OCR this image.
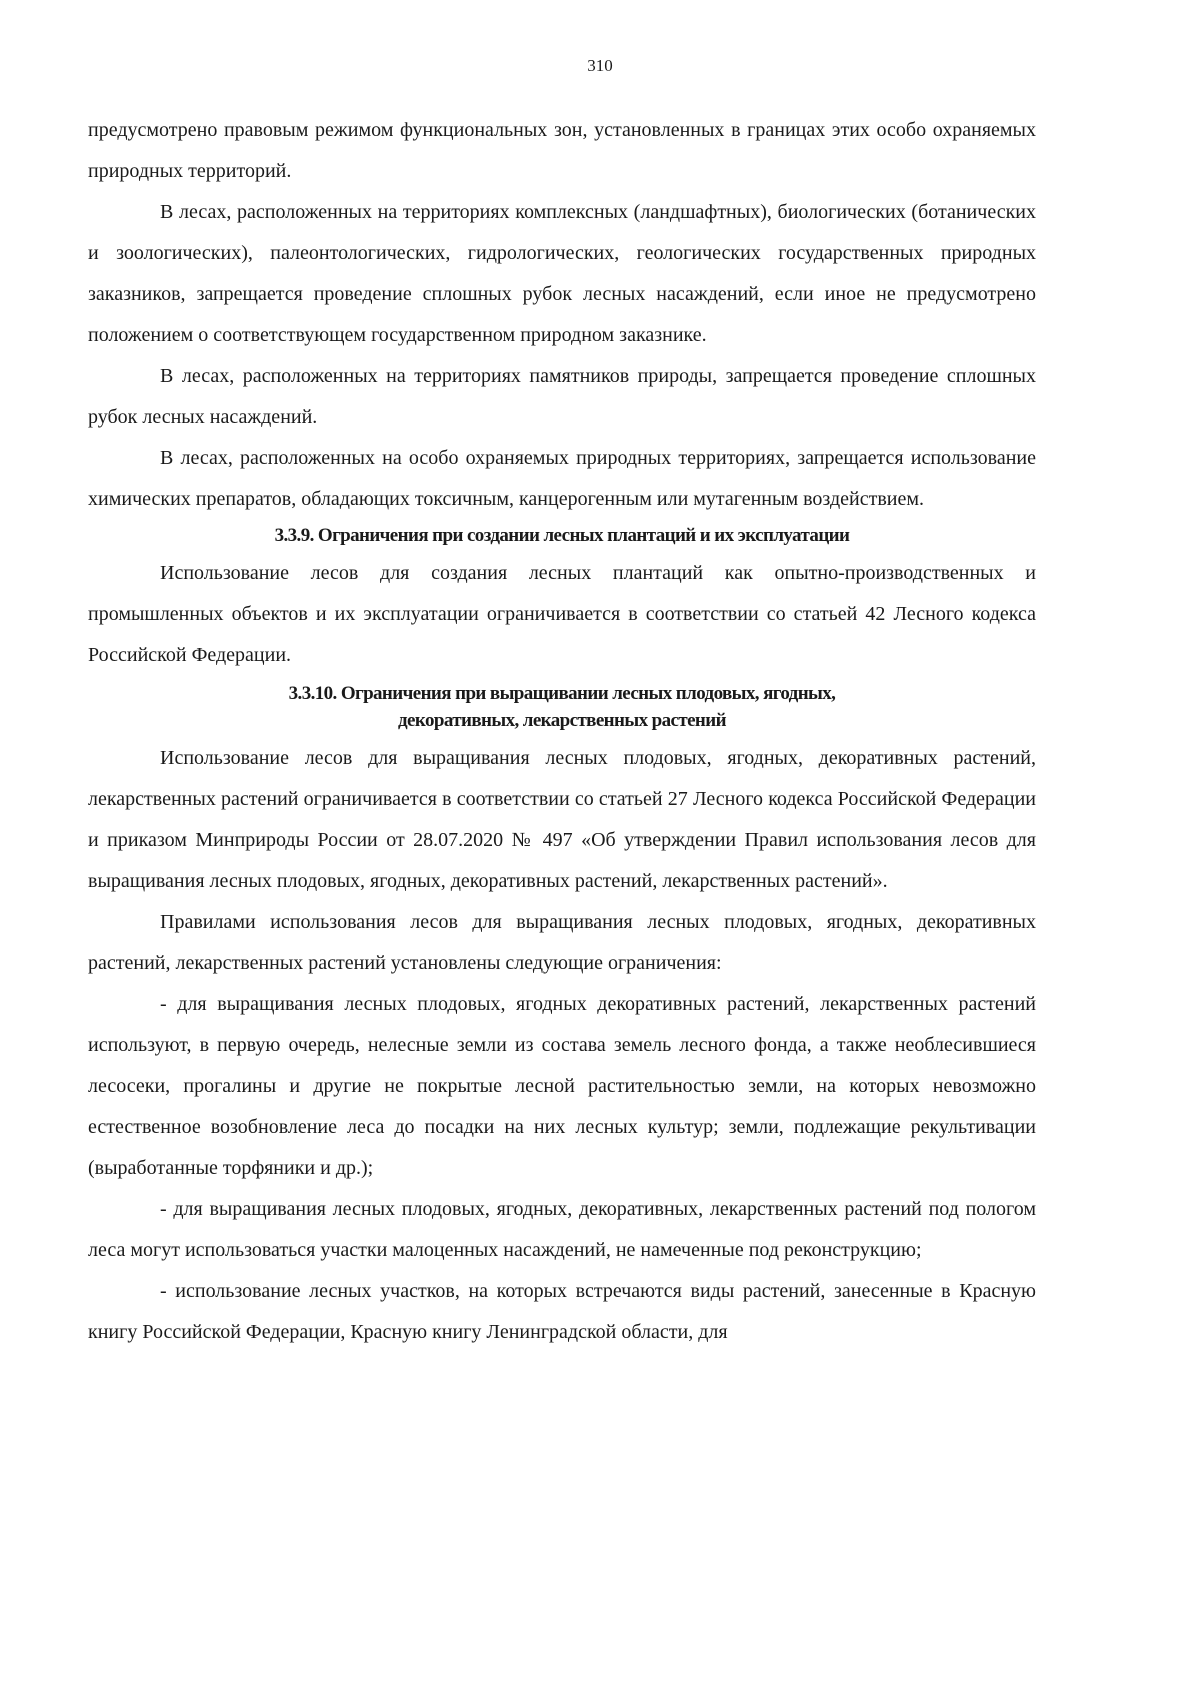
310

предусмотрено правовым режимом функциональных зон, установленных в границах этих особо охраняемых природных территорий.

В лесах, расположенных на территориях комплексных (ландшафтных), биологических (ботанических и зоологических), палеонтологических, гидрологических, геологических государственных природных заказников, запрещается проведение сплошных рубок лесных насаждений, если иное не предусмотрено положением о соответствующем государственном природном заказнике.

В лесах, расположенных на территориях памятников природы, запрещается проведение сплошных рубок лесных насаждений.

В лесах, расположенных на особо охраняемых природных территориях, запрещается использование химических препаратов, обладающих токсичным, канцерогенным или мутагенным воздействием.

3.3.9. Ограничения при создании лесных плантаций и их эксплуатации

Использование лесов для создания лесных плантаций как опытно-производственных и промышленных объектов и их эксплуатации ограничивается в соответствии со статьей 42 Лесного кодекса Российской Федерации.

3.3.10. Ограничения при выращивании лесных плодовых, ягодных,
декоративных, лекарственных растений

Использование лесов для выращивания лесных плодовых, ягодных, декоративных растений, лекарственных растений ограничивается в соответствии со статьей 27 Лесного кодекса Российской Федерации и приказом Минприроды России от 28.07.2020 № 497 «Об утверждении Правил использования лесов для выращивания лесных плодовых, ягодных, декоративных растений, лекарственных растений».

Правилами использования лесов для выращивания лесных плодовых, ягодных, декоративных растений, лекарственных растений установлены следующие ограничения:

- для выращивания лесных плодовых, ягодных декоративных растений, лекарственных растений используют, в первую очередь, нелесные земли из состава земель лесного фонда, а также необлесившиеся лесосеки, прогалины и другие не покрытые лесной растительностью земли, на которых невозможно естественное возобновление леса до посадки на них лесных культур; земли, подлежащие рекультивации (выработанные торфяники и др.);

- для выращивания лесных плодовых, ягодных, декоративных, лекарственных растений под пологом леса могут использоваться участки малоценных насаждений, не намеченные под реконструкцию;

- использование лесных участков, на которых встречаются виды растений, занесенные в Красную книгу Российской Федерации, Красную книгу Ленинградской области, для
